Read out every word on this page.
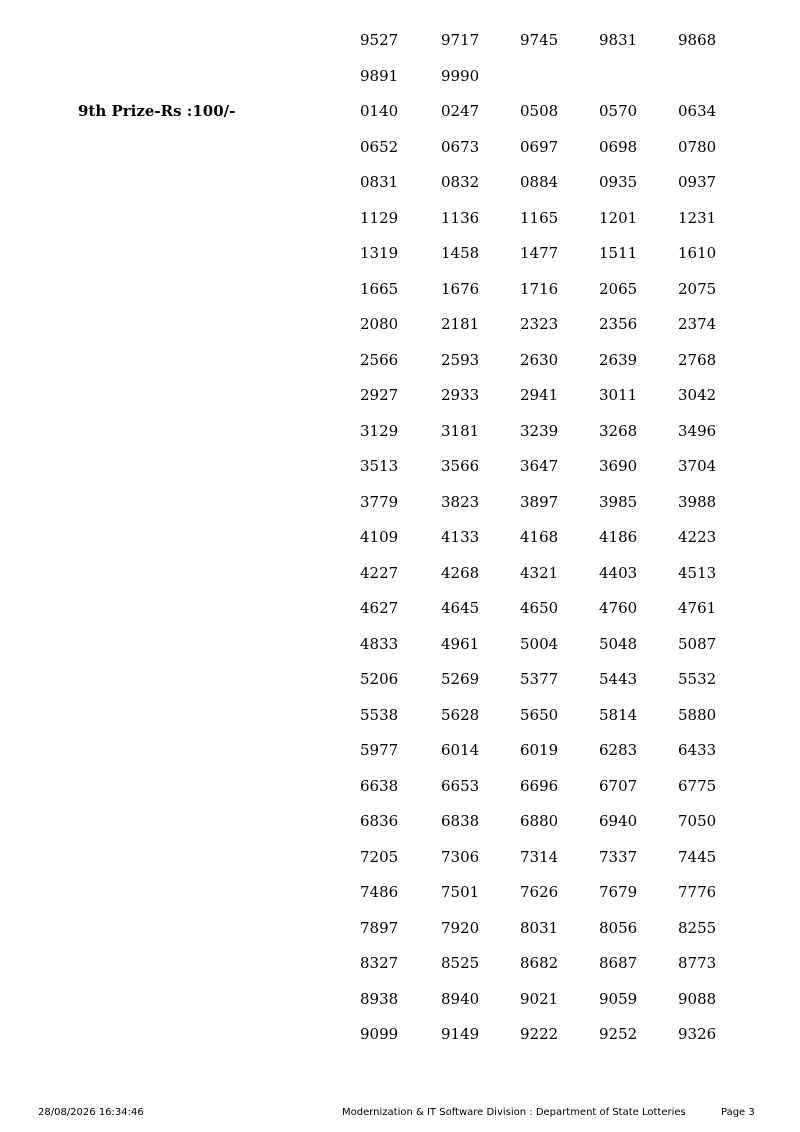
9527	9717	9745	9831	9868
9891	9990
0140	0247	0508	0570	0634
0652	0673	0697	0698	0780
0831	0832	0884	0935	0937
1129	1136	1165	1201	1231
1319	1458	1477	1511	1610
1665	1676	1716	2065	2075
2080	2181	2323	2356	2374
2566	2593	2630	2639	2768
2927	2933	2941	3011	3042
3129	3181	3239	3268	3496
3513	3566	3647	3690	3704
3779	3823	3897	3985	3988
4109	4133	4168	4186	4223
4227	4268	4321	4403	4513
4627	4645	4650	4760	4761
4833	4961	5004	5048	5087
5206	5269	5377	5443	5532
5538	5628	5650	5814	5880
5977	6014	6019	6283	6433
6638	6653	6696	6707	6775
6836	6838	6880	6940	7050
7205	7306	7314	7337	7445
7486	7501	7626	7679	7776
7897	7920	8031	8056	8255
8327	8525	8682	8687	8773
8938	8940	9021	9059	9088
9099	9149	9222	9252	9326
9th Prize-Rs :100/-
28/08/2026 16:34:46	Modernization & IT Software Division : Department of State Lotteries	Page 3
